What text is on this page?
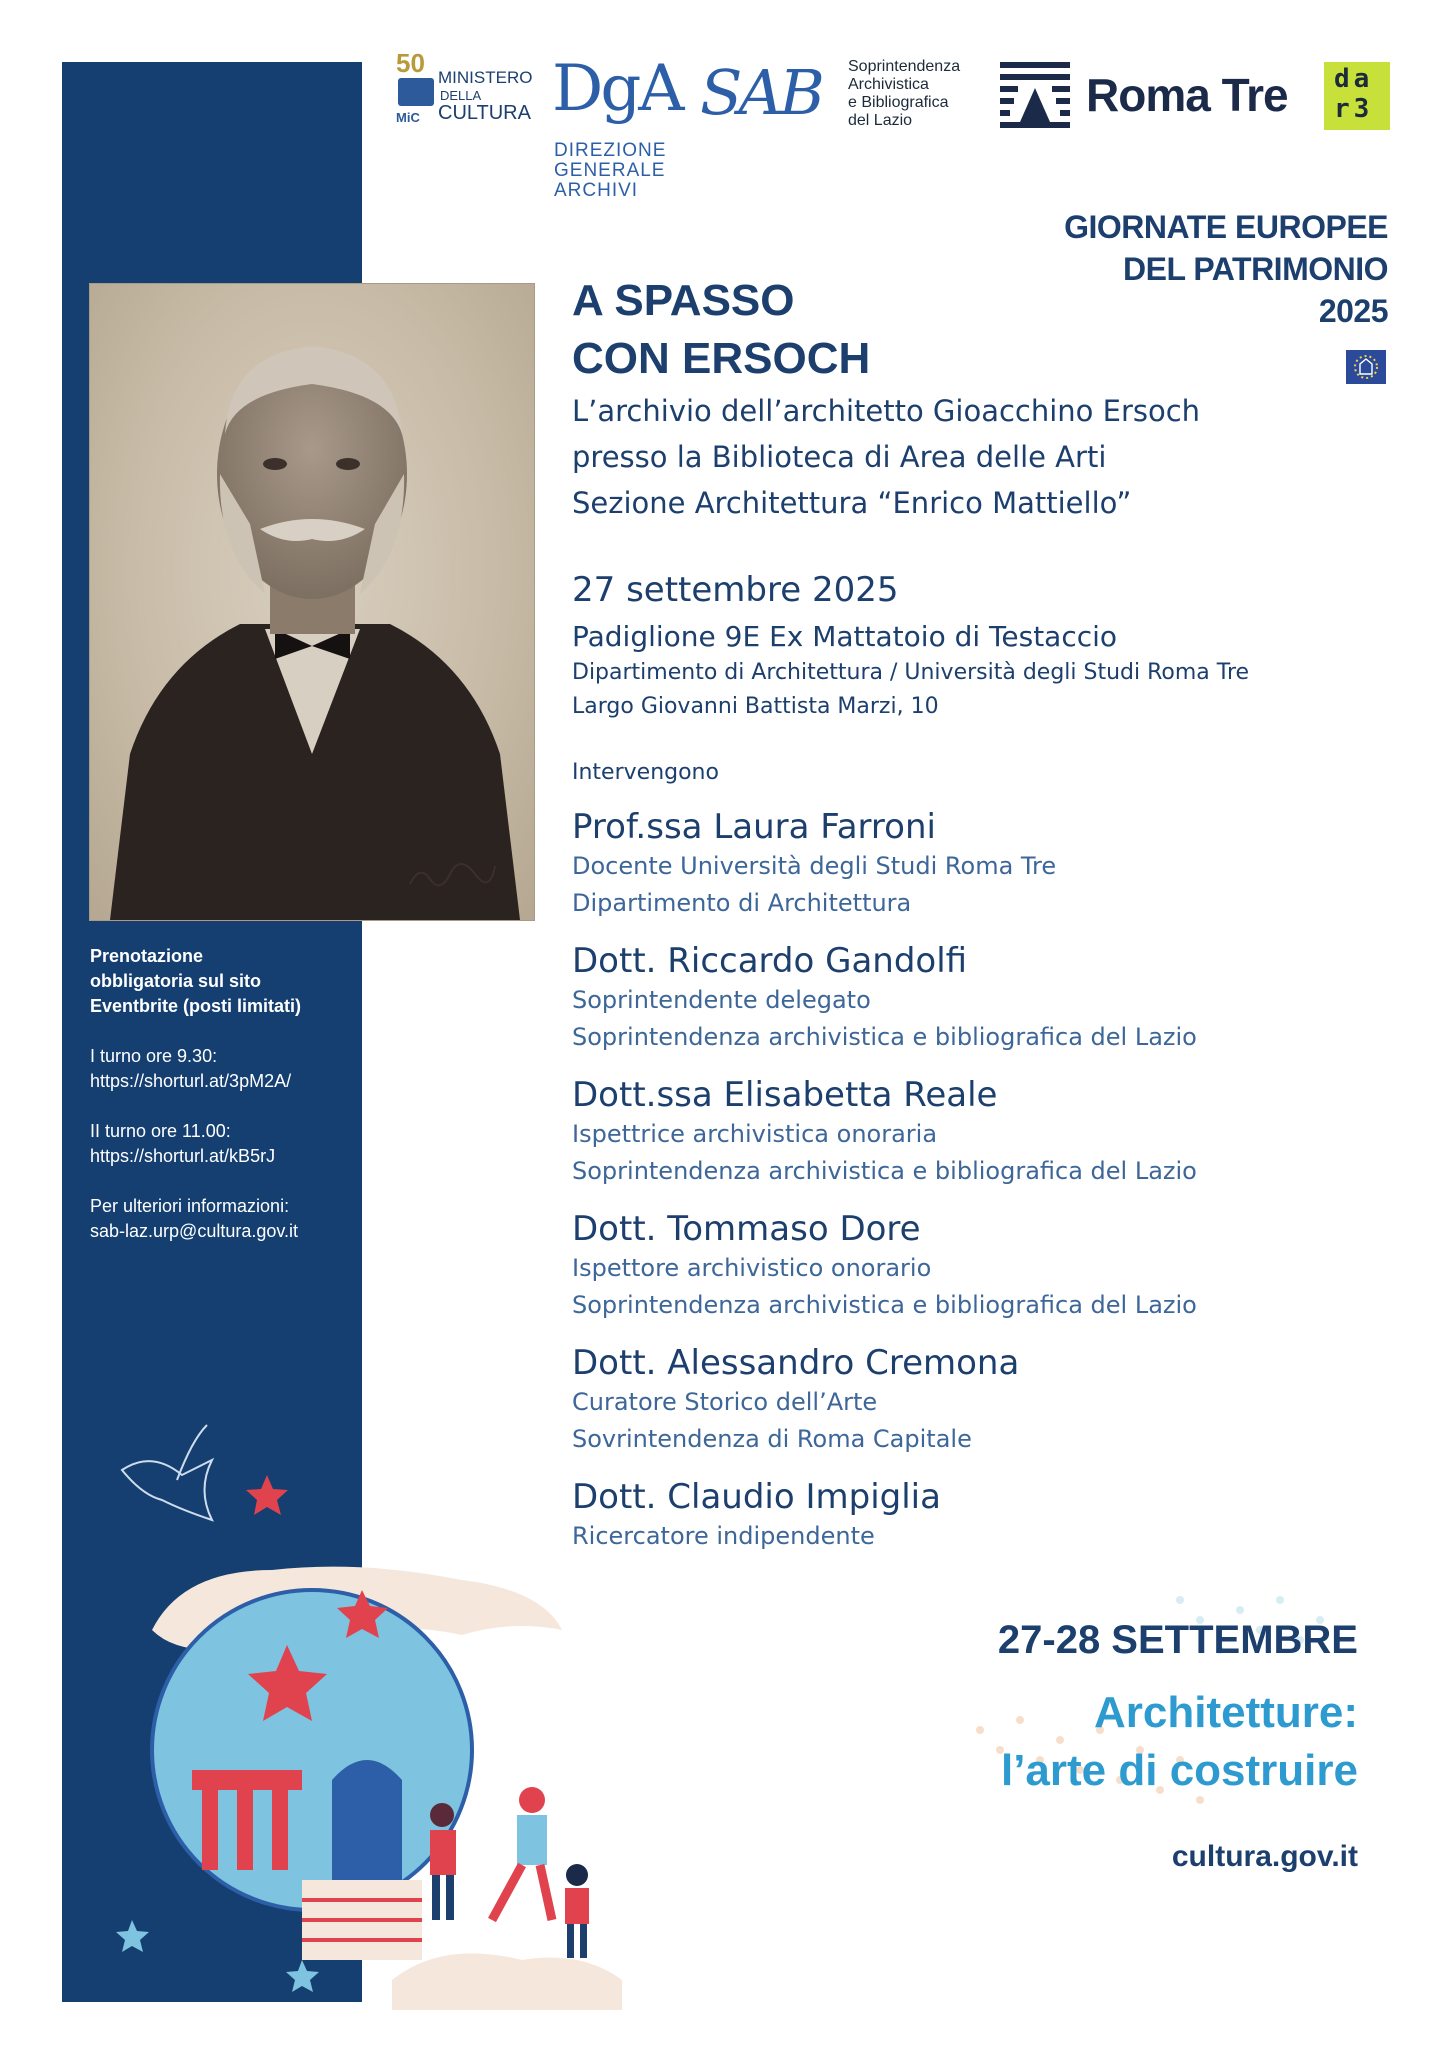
50
MiC
MINISTERO
DELLA
CULTURA DgA
DIREZIONE
GENERALE
ARCHIVI
SAB Soprintendenza
Archivistica
e Bibliografica
del Lazio	Roma Tre da
r3
GIORNATE EUROPEE
DEL PATRIMONIO
2025
A SPASSO
CON ERSOCH
L’archivio dell’architetto Gioacchino Ersoch
presso la Biblioteca di Area delle Arti
Sezione Architettura “Enrico Mattiello”
27 settembre 2025
Padiglione 9E Ex Mattatoio di Testaccio
Dipartimento di Architettura / Università degli Studi Roma Tre
Largo Giovanni Battista Marzi, 10
Intervengono
Prof.ssa Laura Farroni
Docente Università degli Studi Roma Tre
Dipartimento di Architettura
Dott. Riccardo Gandolfi
Soprintendente delegato
Soprintendenza archivistica e bibliografica del Lazio
Dott.ssa Elisabetta Reale
Ispettrice archivistica onoraria
Soprintendenza archivistica e bibliografica del Lazio
Dott. Tommaso Dore
Ispettore archivistico onorario
Soprintendenza archivistica e bibliografica del Lazio
Dott. Alessandro Cremona
Curatore Storico dell’Arte
Sovrintendenza di Roma Capitale
Dott. Claudio Impiglia
Ricercatore indipendente
Prenotazione
obbligatoria sul sito
Eventbrite (posti limitati)
I turno ore 9.30:
https://shorturl.at/3pM2A/
II turno ore 11.00:
https://shorturl.at/kB5rJ
Per ulteriori informazioni:
sab-laz.urp@cultura.gov.it
27-28 SETTEMBRE
Architetture:
l’arte di costruire
cultura.gov.it
